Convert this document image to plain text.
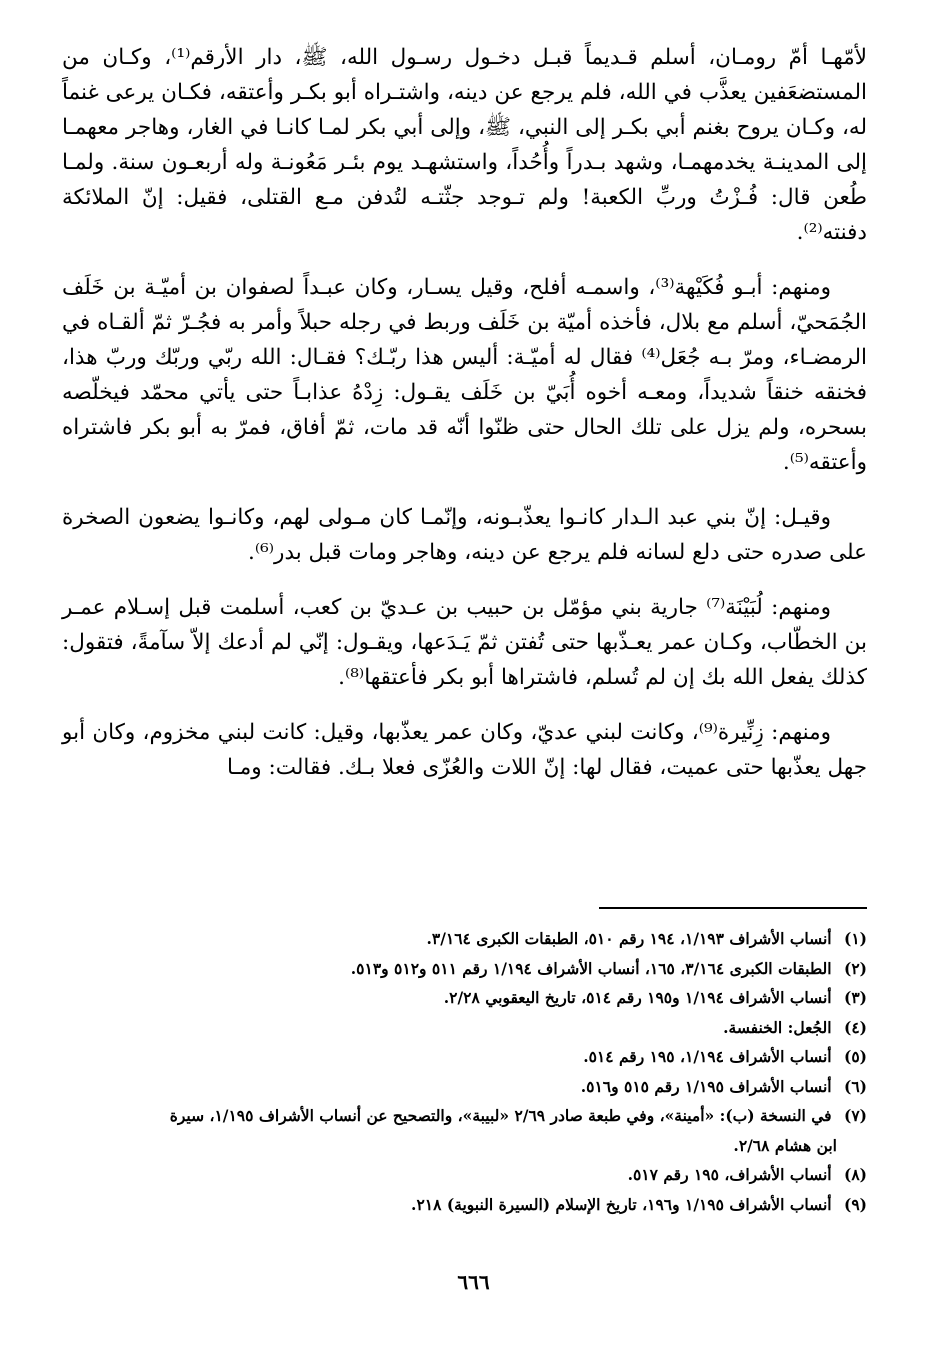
لأمّهـا أمّ رومـان، أسلم قـديماً قبـل دخـول رسـول الله، ﷺ، دار الأرقم⁽¹⁾، وكـان من المستضعَفين يعذَّب في الله، فلم يرجع عن دينه، واشتـراه أبو بكـر وأعتقه، فكـان يرعى غنماً له، وكـان يروح بغنم أبي بكـر إلى النبي، ﷺ، وإلى أبي بكر لمـا كانـا في الغار، وهاجر معهمـا إلى المدينـة يخدمهمـا، وشهد بـدراً وأُحُداً، واستشهـد يوم بئـر مَعُونـة وله أربعـون سنة. ولمـا طُعن قال: فُـزْتُ وربِّ الكعبة! ولم تـوجد جثّتـه لتُدفن مـع القتلى، فقيل: إنّ الملائكة دفنته⁽²⁾.

ومنهم: أبـو فُكَيْهة⁽³⁾، واسمـه أفلح، وقيل يسـار، وكان عبـداً لصفوان بن أميّـة بن خَلَف الجُمَحيّ، أسلم مع بلال، فأخذه أميّة بن خَلَف وربط في رجله حبلاً وأمر به فجُـرّ ثمّ ألقـاه في الرمضـاء، ومرّ بـه جُعَل⁽⁴⁾ فقال له أميّـة: أليس هذا ربّـك؟ فقـال: الله ربّي وربّك وربّ هذا، فخنقه خنقاً شديداً، ومعـه أخوه أُبَيّ بن خَلَف يقـول: زِدْهُ عذابـاً حتى يأتي محمّد فيخلّصه بسحره، ولم يزل على تلك الحال حتى ظنّوا أنّه قد مات، ثمّ أفاق، فمرّ به أبو بكر فاشتراه وأعتقه⁽⁵⁾.

وقيـل: إنّ بني عبد الـدار كانـوا يعذّبـونه، وإنّمـا كان مـولى لهم، وكانـوا يضعون الصخرة على صدره حتى دلع لسانه فلم يرجع عن دينه، وهاجر ومات قبل بدر⁽⁶⁾.

ومنهم: لُبَيْنَة⁽⁷⁾ جارية بني مؤمّل بن حبيب بن عـديّ بن كعب، أسلمت قبل إسـلام عمـر بن الخطّاب، وكـان عمر يعـذّبها حتى تُفتن ثمّ يَـدَعها، ويقـول: إنّي لم أدعك إلاّ سآمةً، فتقول: كذلك يفعل الله بك إن لم تُسلم، فاشتراها أبو بكر فأعتقها⁽⁸⁾.

ومنهم: زِنِّيرة⁽⁹⁾، وكانت لبني عديّ، وكان عمر يعذّبها، وقيل: كانت لبني مخزوم، وكان أبو جهل يعذّبها حتى عميت، فقال لها: إنّ اللات والعُزّى فعلا بـك. فقالت: ومـا

(١) أنساب الأشراف ١/١٩٣، ١٩٤ رقم ٥١٠، الطبقات الكبرى ٣/١٦٤.
(٢) الطبقات الكبرى ٣/١٦٤، ١٦٥، أنساب الأشراف ١/١٩٤ رقم ٥١١ و٥١٢ و٥١٣.
(٣) أنساب الأشراف ١/١٩٤ و١٩٥ رقم ٥١٤، تاريخ اليعقوبي ٢/٢٨.
(٤) الجُعل: الخنفسة.
(٥) أنساب الأشراف ١/١٩٤، ١٩٥ رقم ٥١٤.
(٦) أنساب الأشراف ١/١٩٥ رقم ٥١٥ و٥١٦.
(٧) في النسخة (ب): «أمينة»، وفي طبعة صادر ٢/٦٩ «لبيبة»، والتصحيح عن أنساب الأشراف ١/١٩٥، سيرة
ابن هشام ٢/٦٨.
(٨) أنساب الأشراف، ١٩٥ رقم ٥١٧.
(٩) أنساب الأشراف ١/١٩٥ و١٩٦، تاريخ الإسلام (السيرة النبوية) ٢١٨.
٦٦٦
